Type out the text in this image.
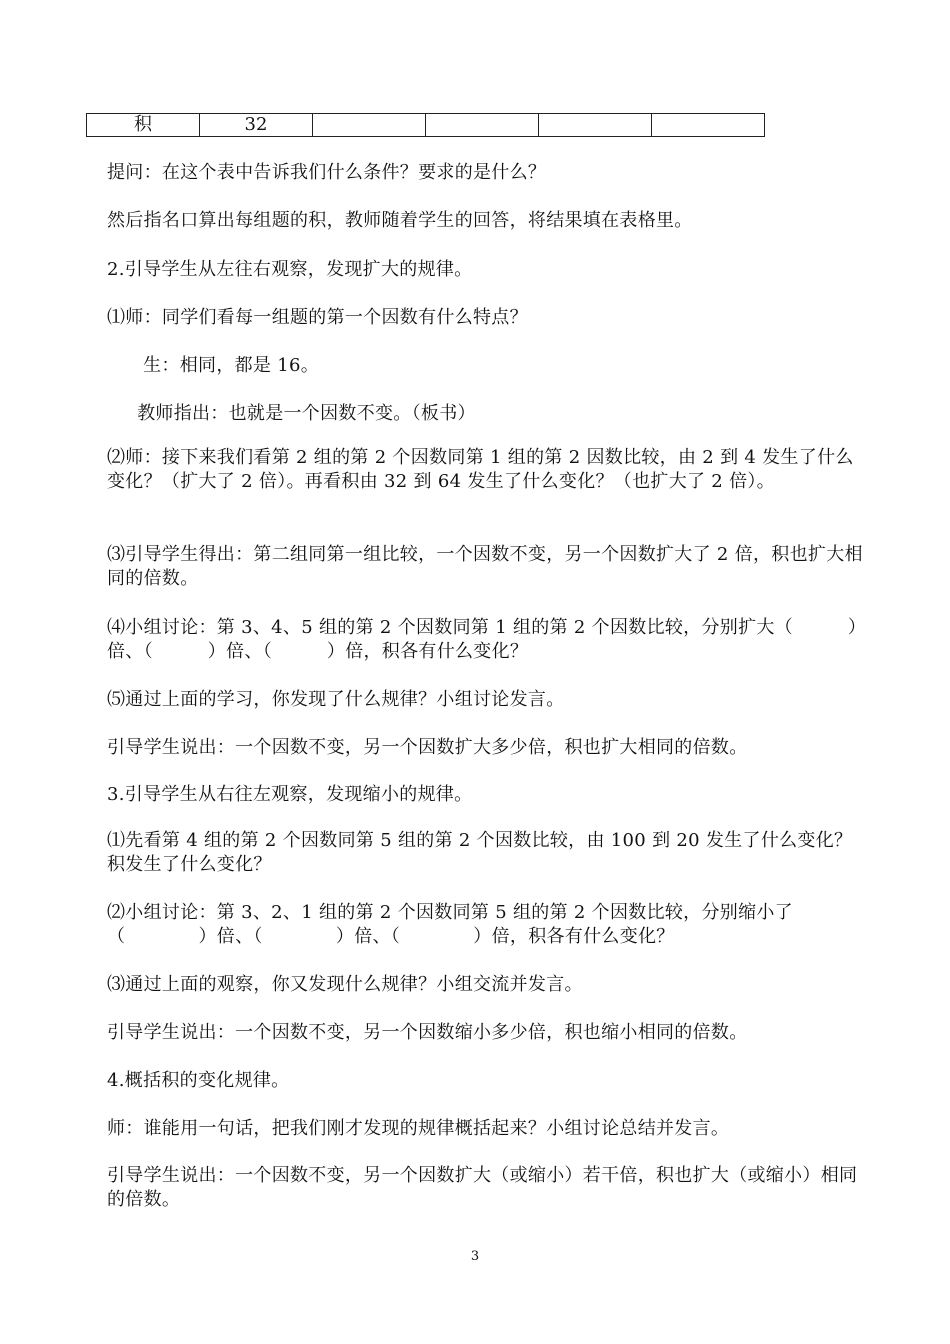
积	32				
提问：在这个表中告诉我们什么条件？要求的是什么？
然后指名口算出每组题的积，教师随着学生的回答，将结果填在表格里。
2.引导学生从左往右观察，发现扩大的规律。
⑴师：同学们看每一组题的第一个因数有什么特点？
生：相同，都是 16。
教师指出：也就是一个因数不变。（板书）
⑵师：接下来我们看第 2 组的第 2 个因数同第 1 组的第 2 因数比较，由 2 到 4 发生了什么变化？（扩大了 2 倍）。再看积由 32 到 64 发生了什么变化？（也扩大了 2 倍）。
⑶引导学生得出：第二组同第一组比较，一个因数不变，另一个因数扩大了 2 倍，积也扩大相同的倍数。
⑷小组讨论：第 3、4、5 组的第 2 个因数同第 1 组的第 2 个因数比较，分别扩大（　　　）倍、（　　　）倍、（　　　）倍，积各有什么变化？
⑸通过上面的学习，你发现了什么规律？小组讨论发言。
引导学生说出：一个因数不变，另一个因数扩大多少倍，积也扩大相同的倍数。
3.引导学生从右往左观察，发现缩小的规律。
⑴先看第 4 组的第 2 个因数同第 5 组的第 2 个因数比较，由 100 到 20 发生了什么变化？积发生了什么变化？
⑵小组讨论：第 3、2、1 组的第 2 个因数同第 5 组的第 2 个因数比较，分别缩小了（　　　　）倍、（　　　　）倍、（　　　　）倍，积各有什么变化？
⑶通过上面的观察，你又发现什么规律？小组交流并发言。
引导学生说出：一个因数不变，另一个因数缩小多少倍，积也缩小相同的倍数。
4.概括积的变化规律。
师：谁能用一句话，把我们刚才发现的规律概括起来？小组讨论总结并发言。
引导学生说出：一个因数不变，另一个因数扩大（或缩小）若干倍，积也扩大（或缩小）相同的倍数。
3
